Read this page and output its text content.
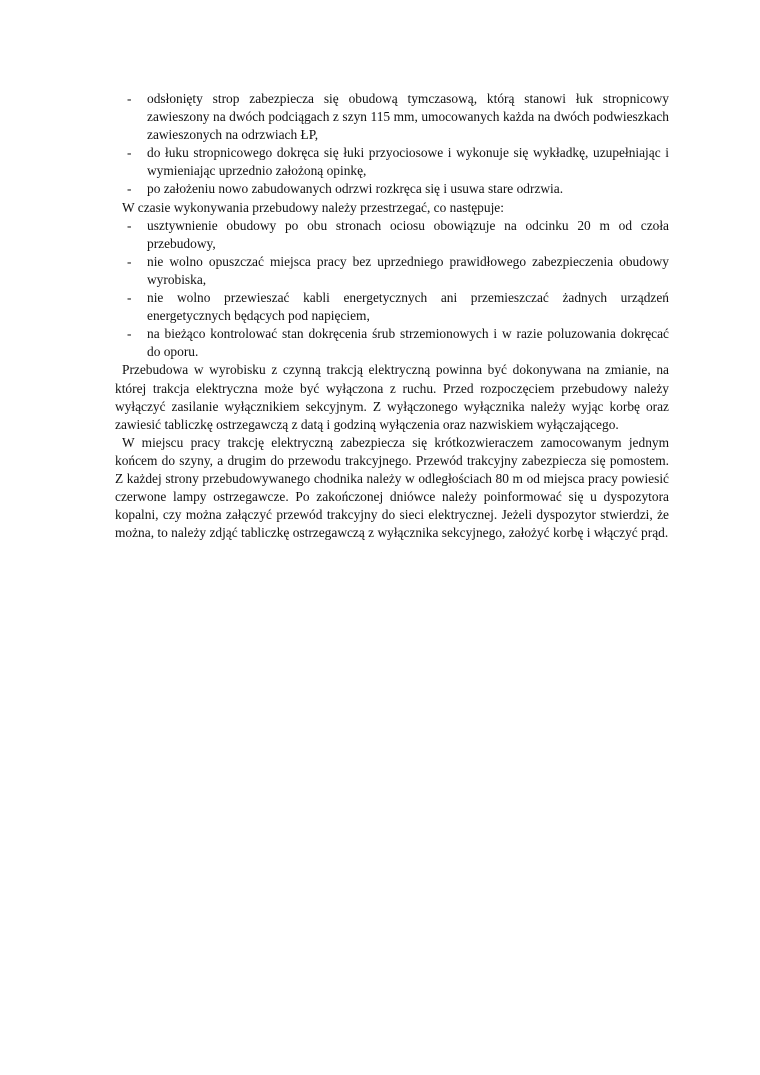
- odsłonięty strop zabezpiecza się obudową tymczasową, którą stanowi łuk stropnicowy zawieszony na dwóch podciągach z szyn 115 mm, umocowanych każda na dwóch podwieszkach zawieszonych na odrzwiach ŁP,
- do łuku stropnicowego dokręca się łuki przyociosowe i wykonuje się wykładkę, uzupełniając i wymieniając uprzednio założoną opinkę,
- po założeniu nowo zabudowanych odrzwi rozkręca się i usuwa stare odrzwia.

W czasie wykonywania przebudowy należy przestrzegać, co następuje:

- usztywnienie obudowy po obu stronach ociosu obowiązuje na odcinku 20 m od czoła przebudowy,
- nie wolno opuszczać miejsca pracy bez uprzedniego prawidłowego zabezpieczenia obudowy wyrobiska,
- nie wolno przewieszać kabli energetycznych ani przemieszczać żadnych urządzeń energetycznych będących pod napięciem,
- na bieżąco kontrolować stan dokręcenia śrub strzemionowych i w razie poluzowania dokręcać do oporu.

Przebudowa w wyrobisku z czynną trakcją elektryczną powinna być dokonywana na zmianie, na której trakcja elektryczna może być wyłączona z ruchu. Przed rozpoczęciem przebudowy należy wyłączyć zasilanie wyłącznikiem sekcyjnym. Z wyłączonego wyłącznika należy wyjąc korbę oraz zawiesić tabliczkę ostrzegawczą z datą i godziną wyłączenia oraz nazwiskiem wyłączającego.

W miejscu pracy trakcję elektryczną zabezpiecza się krótkozwieraczem zamocowanym jednym końcem do szyny, a drugim do przewodu trakcyjnego. Przewód trakcyjny zabezpiecza się pomostem. Z każdej strony przebudowywanego chodnika należy w odległościach 80 m od miejsca pracy powiesić czerwone lampy ostrzegawcze. Po zakończonej dniówce należy poinformować się u dyspozytora kopalni, czy można załączyć przewód trakcyjny do sieci elektrycznej. Jeżeli dyspozytor stwierdzi, że można, to należy zdjąć tabliczkę ostrzegawczą z wyłącznika sekcyjnego, założyć korbę i włączyć prąd.
